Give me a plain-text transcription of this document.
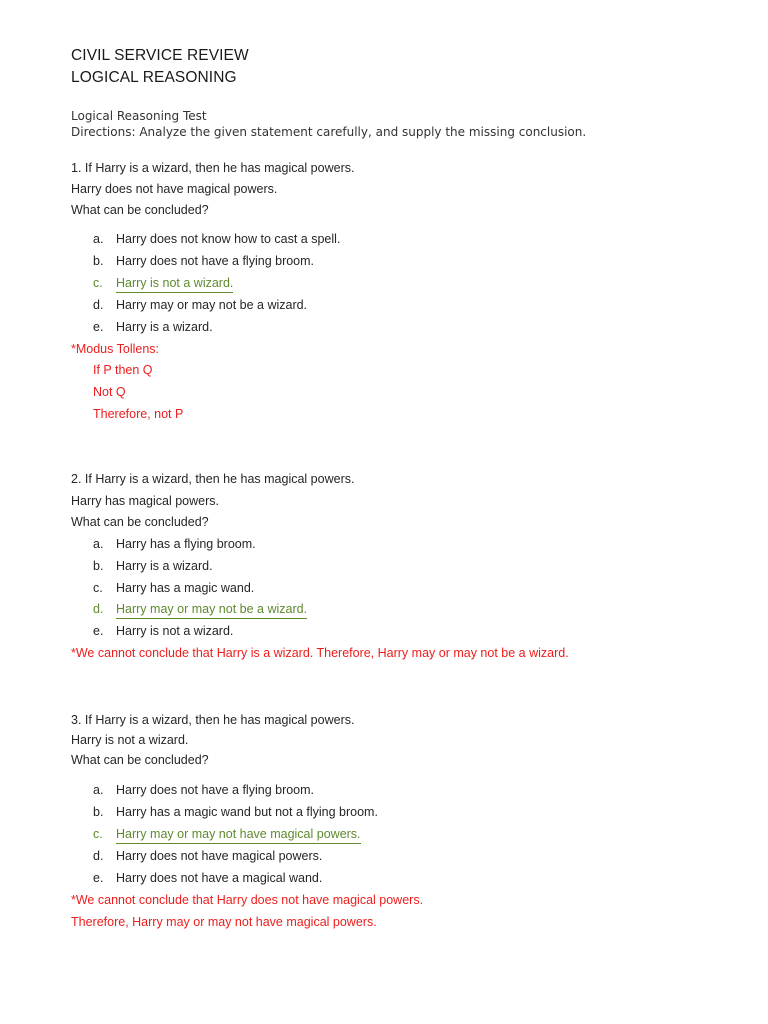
CIVIL SERVICE REVIEW
LOGICAL REASONING
Logical Reasoning Test
Directions: Analyze the given statement carefully, and supply the missing conclusion.
1. If Harry is a wizard, then he has magical powers.
Harry does not have magical powers.
What can be concluded?
a. Harry does not know how to cast a spell.
b. Harry does not have a flying broom.
c. Harry is not a wizard.
d. Harry may or may not be a wizard.
e. Harry is a wizard.
*Modus Tollens:
If P then Q
Not Q
Therefore, not P
2. If Harry is a wizard, then he has magical powers.
Harry has magical powers.
What can be concluded?
a. Harry has a flying broom.
b. Harry is a wizard.
c. Harry has a magic wand.
d. Harry may or may not be a wizard.
e. Harry is not a wizard.
*We cannot conclude that Harry is a wizard. Therefore, Harry may or may not be a wizard.
3. If Harry is a wizard, then he has magical powers.
Harry is not a wizard.
What can be concluded?
a. Harry does not have a flying broom.
b. Harry has a magic wand but not a flying broom.
c. Harry may or may not have magical powers.
d. Harry does not have magical powers.
e. Harry does not have a magical wand.
*We cannot conclude that Harry does not have magical powers.
Therefore, Harry may or may not have magical powers.
